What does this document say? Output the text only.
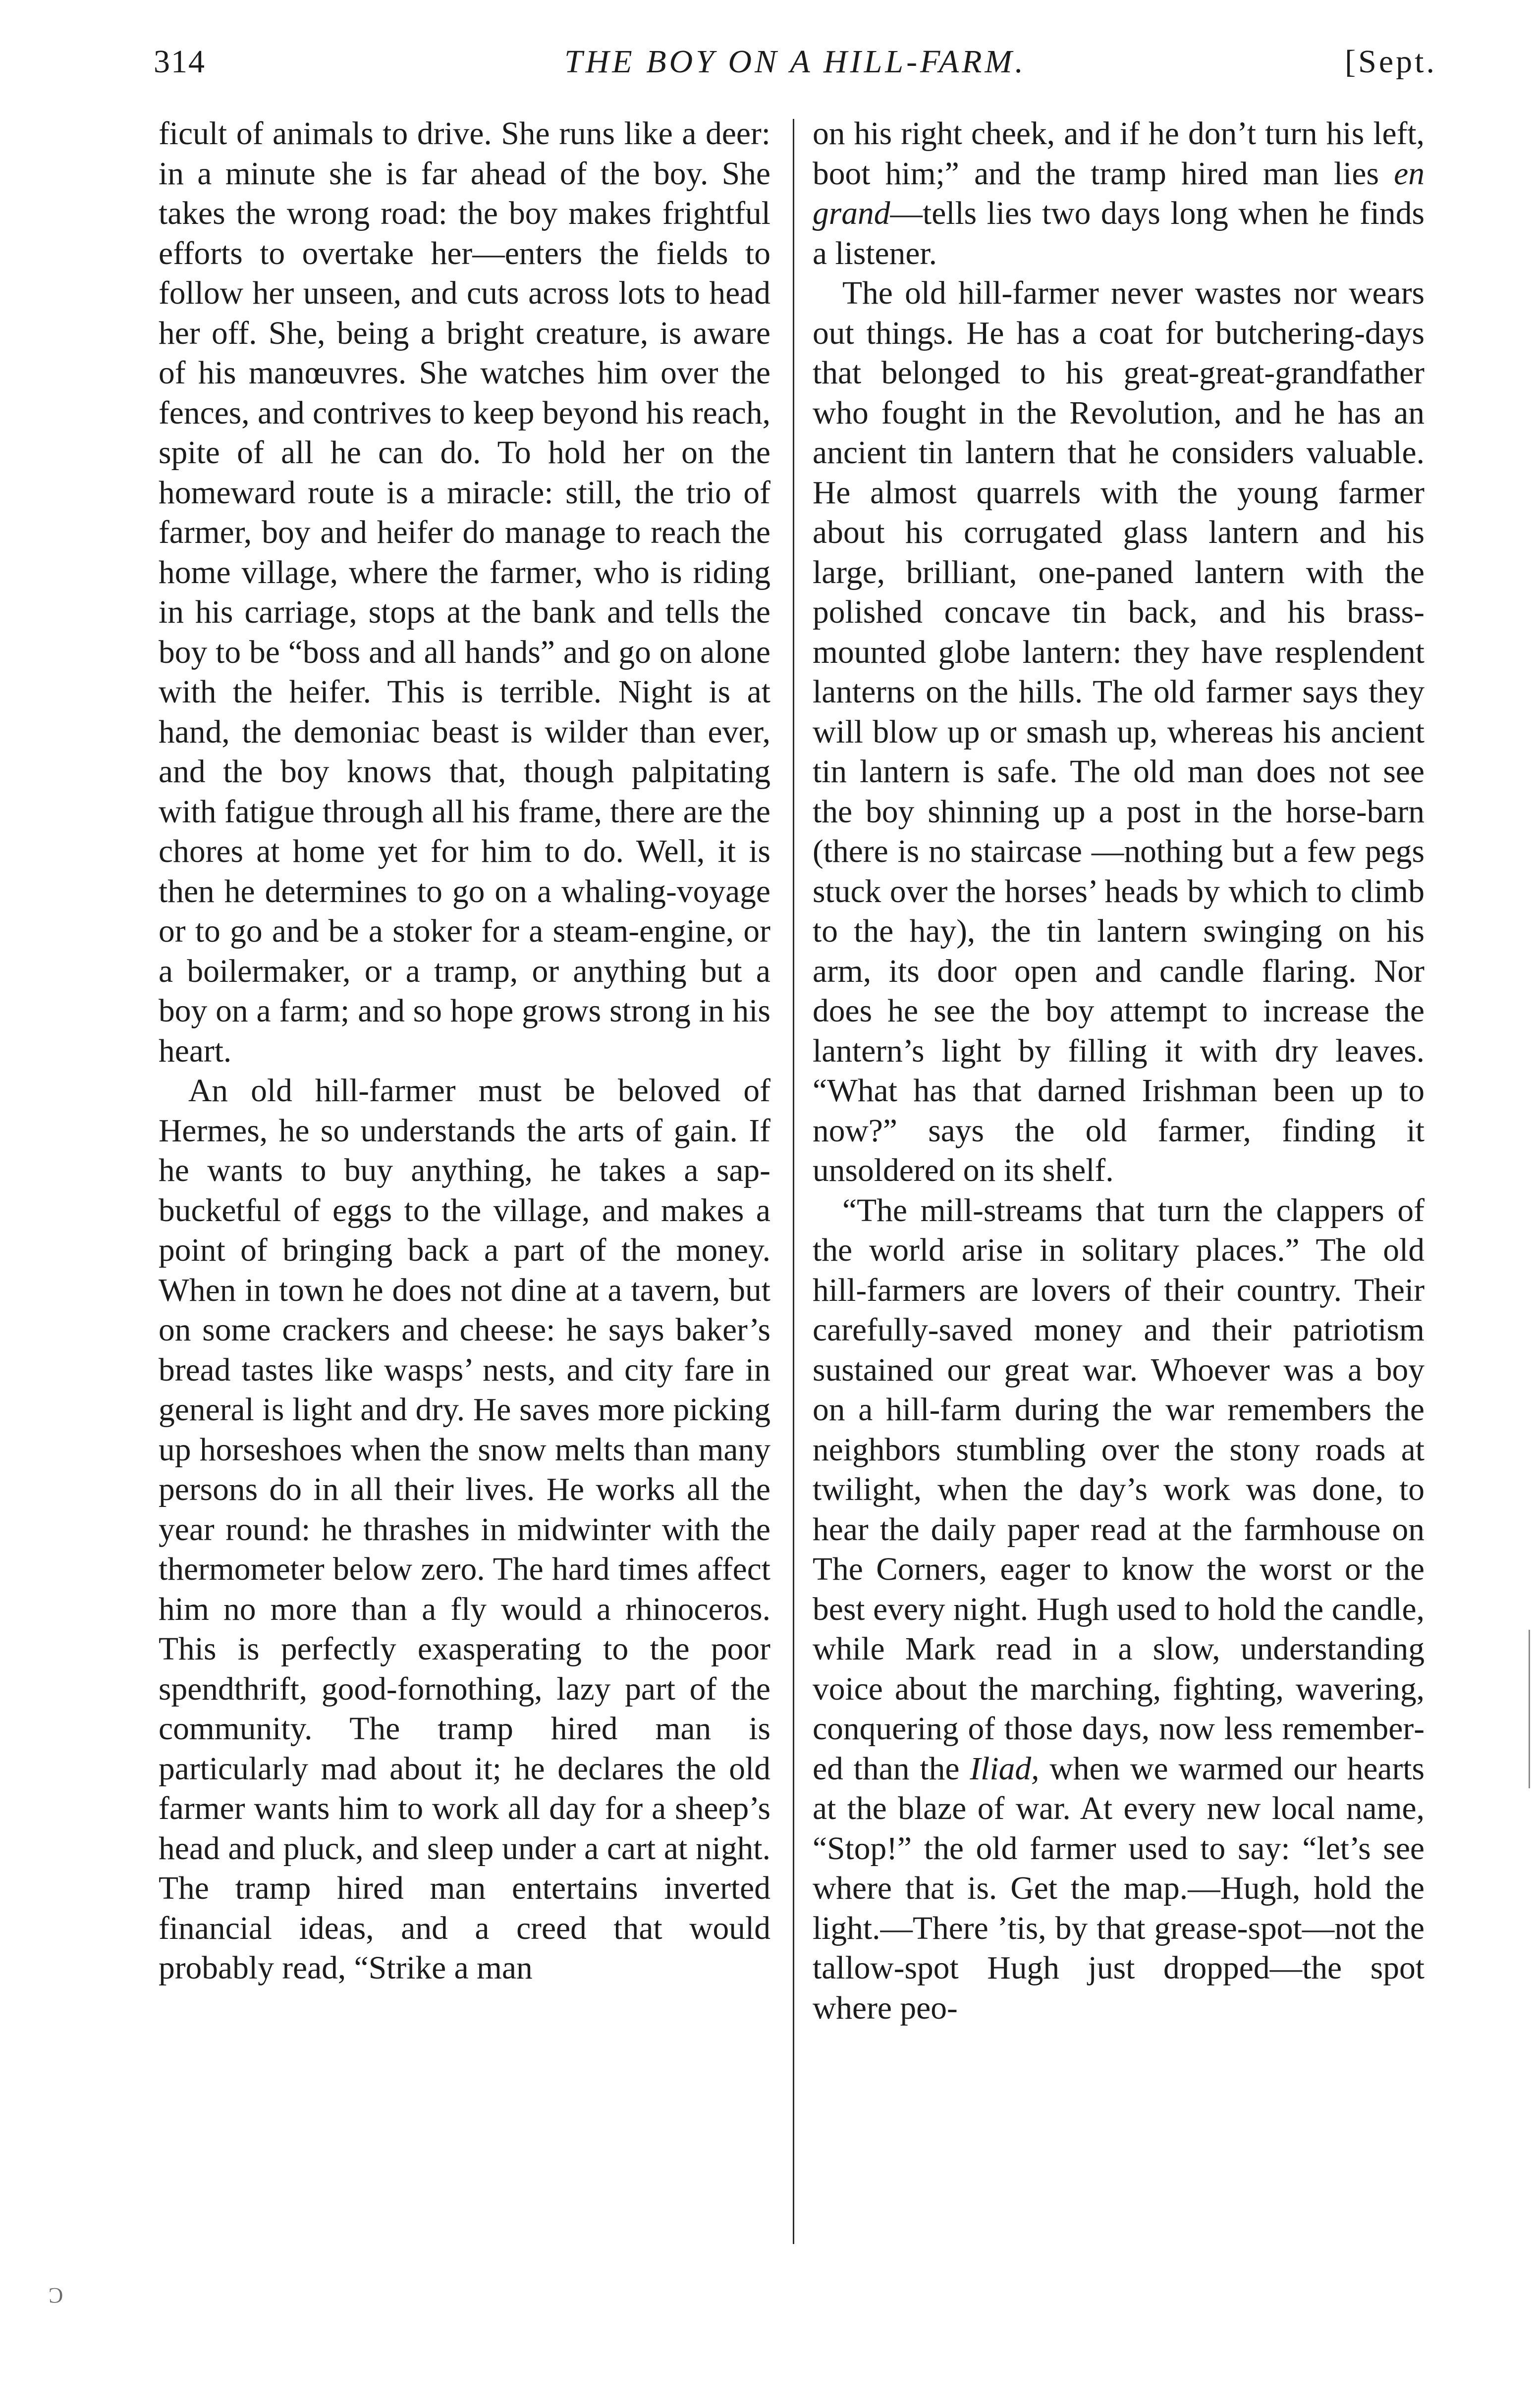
314	THE BOY ON A HILL-FARM.	[Sept.

ficult of animals to drive. She runs like a deer: in a minute she is far ahead of the boy. She takes the wrong road: the boy makes frightful efforts to overtake her—enters the fields to follow her unseen, and cuts across lots to head her off. She, being a bright creature, is aware of his manœuvres. She watches him over the fences, and contrives to keep beyond his reach, spite of all he can do. To hold her on the homeward route is a miracle: still, the trio of farmer, boy and heifer do manage to reach the home village, where the farmer, who is riding in his carriage, stops at the bank and tells the boy to be “boss and all hands” and go on alone with the heifer. This is terrible. Night is at hand, the demoniac beast is wilder than ever, and the boy knows that, though palpitating with fatigue through all his frame, there are the chores at home yet for him to do. Well, it is then he determines to go on a whaling-voyage or to go and be a stoker for a steam-engine, or a boilermaker, or a tramp, or anything but a boy on a farm; and so hope grows strong in his heart.

An old hill-farmer must be beloved of Hermes, he so understands the arts of gain. If he wants to buy anything, he takes a sap-bucketful of eggs to the village, and makes a point of bringing back a part of the money. When in town he does not dine at a tavern, but on some crackers and cheese: he says baker’s bread tastes like wasps’ nests, and city fare in general is light and dry. He saves more picking up horseshoes when the snow melts than many persons do in all their lives. He works all the year round: he thrashes in midwinter with the thermometer below zero. The hard times affect him no more than a fly would a rhinoceros. This is perfectly exasperating to the poor spendthrift, good-fornothing, lazy part of the community. The tramp hired man is particularly mad about it; he declares the old farmer wants him to work all day for a sheep’s head and pluck, and sleep under a cart at night. The tramp hired man entertains inverted financial ideas, and a creed that would probably read, “Strike a man

on his right cheek, and if he don’t turn his left, boot him;” and the tramp hired man lies en grand—tells lies two days long when he finds a listener.

The old hill-farmer never wastes nor wears out things. He has a coat for butchering-days that belonged to his great-great-grandfather who fought in the Revolution, and he has an ancient tin lantern that he considers valuable. He almost quarrels with the young farmer about his corrugated glass lantern and his large, brilliant, one-paned lantern with the polished concave tin back, and his brass-mounted globe lantern: they have resplendent lanterns on the hills. The old farmer says they will blow up or smash up, whereas his ancient tin lantern is safe. The old man does not see the boy shinning up a post in the horse-barn (there is no staircase —nothing but a few pegs stuck over the horses’ heads by which to climb to the hay), the tin lantern swinging on his arm, its door open and candle flaring. Nor does he see the boy attempt to increase the lantern’s light by filling it with dry leaves. “What has that darned Irishman been up to now?” says the old farmer, finding it unsoldered on its shelf.

“The mill-streams that turn the clappers of the world arise in solitary places.” The old hill-farmers are lovers of their country. Their carefully-saved money and their patriotism sustained our great war. Whoever was a boy on a hill-farm during the war remembers the neighbors stumbling over the stony roads at twilight, when the day’s work was done, to hear the daily paper read at the farmhouse on The Corners, eager to know the worst or the best every night. Hugh used to hold the candle, while Mark read in a slow, understanding voice about the marching, fighting, wavering, conquering of those days, now less remembered than the Iliad, when we warmed our hearts at the blaze of war. At every new local name, “Stop!” the old farmer used to say: “let’s see where that is. Get the map.—Hugh, hold the light.—There ’tis, by that grease-spot—not the tallow-spot Hugh just dropped—the spot where peo-

Ɔ
